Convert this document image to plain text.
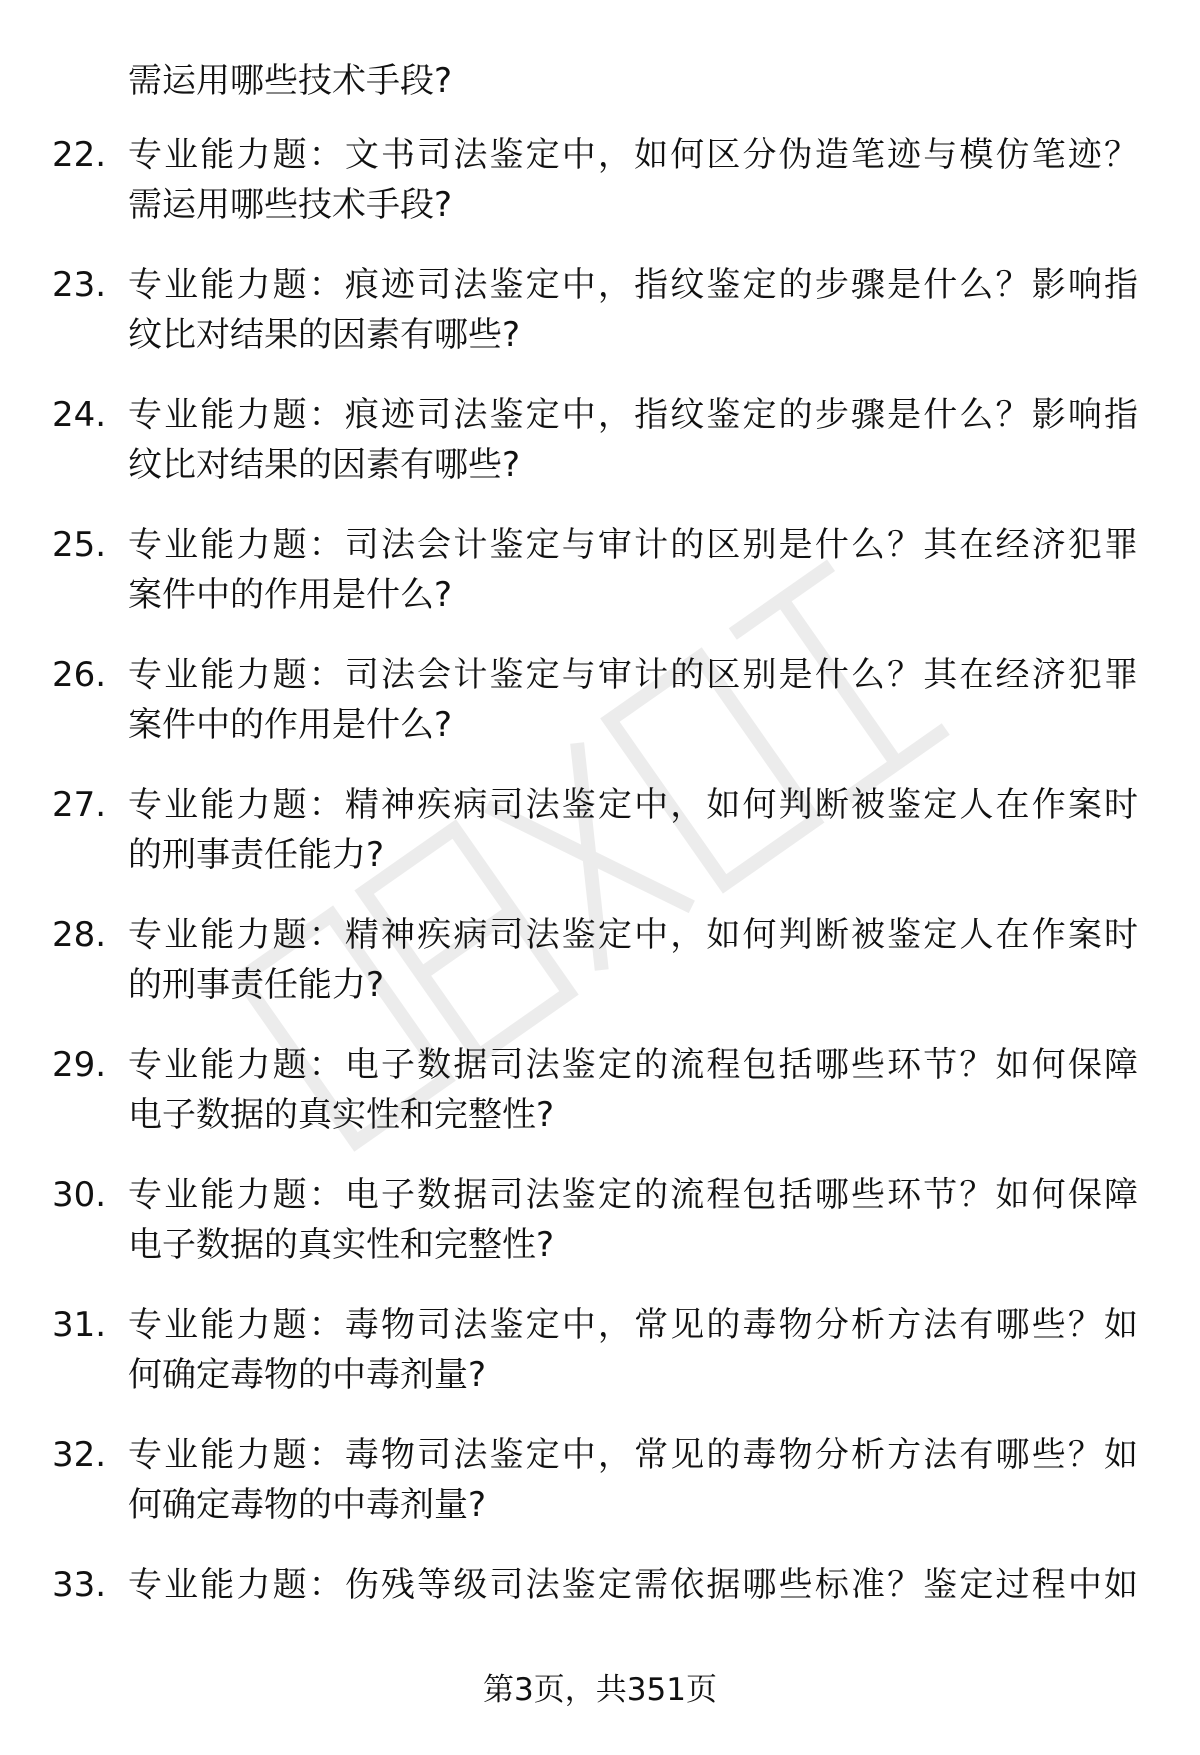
需运用哪些技术手段?
22. 专业能力题：文书司法鉴定中，如何区分伪造笔迹与模仿笔迹？
需运用哪些技术手段?
23. 专业能力题：痕迹司法鉴定中，指纹鉴定的步骤是什么？影响指
纹比对结果的因素有哪些?
24. 专业能力题：痕迹司法鉴定中，指纹鉴定的步骤是什么？影响指
纹比对结果的因素有哪些?
25. 专业能力题：司法会计鉴定与审计的区别是什么？其在经济犯罪
案件中的作用是什么?
26. 专业能力题：司法会计鉴定与审计的区别是什么？其在经济犯罪
案件中的作用是什么?
27. 专业能力题：精神疾病司法鉴定中，如何判断被鉴定人在作案时
的刑事责任能力?
28. 专业能力题：精神疾病司法鉴定中，如何判断被鉴定人在作案时
的刑事责任能力?
29. 专业能力题：电子数据司法鉴定的流程包括哪些环节？如何保障
电子数据的真实性和完整性?
30. 专业能力题：电子数据司法鉴定的流程包括哪些环节？如何保障
电子数据的真实性和完整性?
31. 专业能力题：毒物司法鉴定中，常见的毒物分析方法有哪些？如
何确定毒物的中毒剂量?
32. 专业能力题：毒物司法鉴定中，常见的毒物分析方法有哪些？如
何确定毒物的中毒剂量?
33. 专业能力题：伤残等级司法鉴定需依据哪些标准？鉴定过程中如
第3页，共351页
